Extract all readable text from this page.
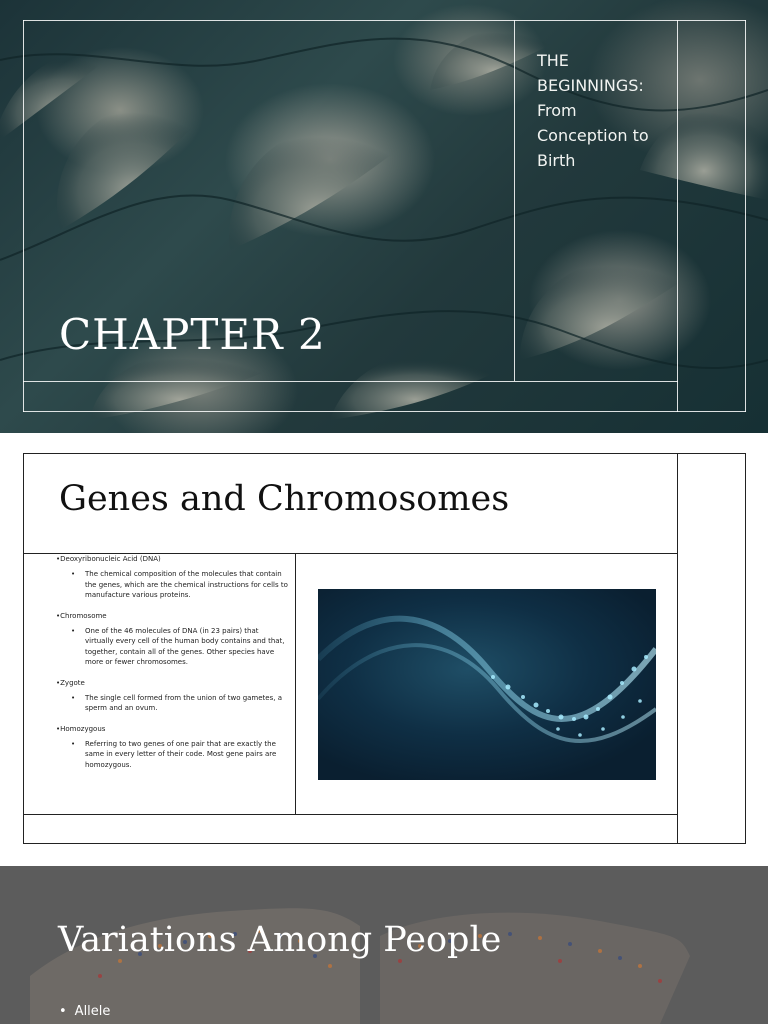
CHAPTER 2
THE
BEGINNINGS:
From
Conception to
Birth
Genes and Chromosomes
•Deoxyribonucleic Acid (DNA)
• The chemical composition of the molecules that contain the genes, which are the chemical instructions for cells to manufacture various proteins.
•Chromosome
• One of the 46 molecules of DNA (in 23 pairs) that virtually every cell of the human body contains and that, together, contain all of the genes. Other species have more or fewer chromosomes.
•Zygote
• The single cell formed from the union of two gametes, a sperm and an ovum.
•Homozygous
• Referring to two genes of one pair that are exactly the same in every letter of their code. Most gene pairs are homozygous.
Variations Among People
• Allele
